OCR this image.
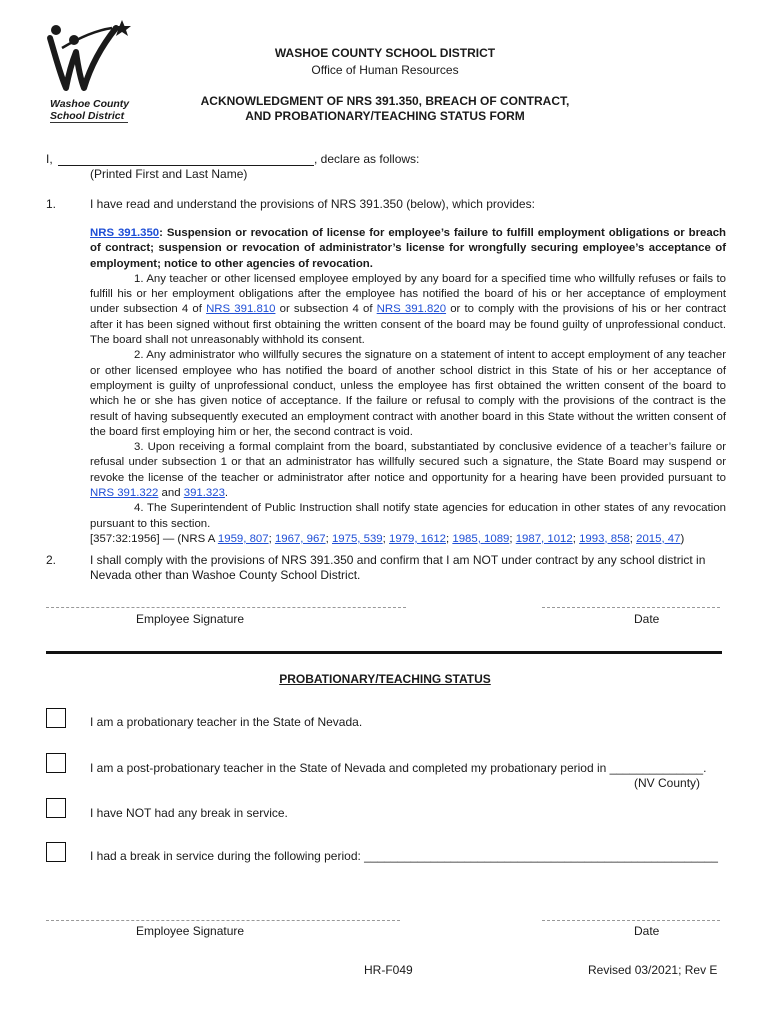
Washoe County
School District
WASHOE COUNTY SCHOOL DISTRICT
Office of Human Resources
ACKNOWLEDGMENT OF NRS 391.350, BREACH OF CONTRACT,
AND PROBATIONARY/TEACHING STATUS FORM
I,	, declare as follows:
(Printed First and Last Name)
1.	I have read and understand the provisions of NRS 391.350 (below), which provides:

NRS 391.350: Suspension or revocation of license for employee’s failure to fulfill employment obligations or breach of contract; suspension or revocation of administrator’s license for wrongfully securing employee’s acceptance of employment; notice to other agencies of revocation.

1. Any teacher or other licensed employee employed by any board for a specified time who willfully refuses or fails to fulfill his or her employment obligations after the employee has notified the board of his or her acceptance of employment under subsection 4 of NRS 391.810 or subsection 4 of NRS 391.820 or to comply with the provisions of his or her contract after it has been signed without first obtaining the written consent of the board may be found guilty of unprofessional conduct. The board shall not unreasonably withhold its consent.

2. Any administrator who willfully secures the signature on a statement of intent to accept employment of any teacher or other licensed employee who has notified the board of another school district in this State of his or her acceptance of employment is guilty of unprofessional conduct, unless the employee has first obtained the written consent of the board to which he or she has given notice of acceptance. If the failure or refusal to comply with the provisions of the contract is the result of having subsequently executed an employment contract with another board in this State without the written consent of the board first employing him or her, the second contract is void.

3. Upon receiving a formal complaint from the board, substantiated by conclusive evidence of a teacher’s failure or refusal under subsection 1 or that an administrator has willfully secured such a signature, the State Board may suspend or revoke the license of the teacher or administrator after notice and opportunity for a hearing have been provided pursuant to NRS 391.322 and 391.323.

4. The Superintendent of Public Instruction shall notify state agencies for education in other states of any revocation pursuant to this section.

[357:32:1956] — (NRS A 1959, 807; 1967, 967; 1975, 539; 1979, 1612; 1985, 1089; 1987, 1012; 1993, 858; 2015, 47)

2.	I shall comply with the provisions of NRS 391.350 and confirm that I am NOT under contract by any school district in Nevada other than Washoe County School District.
Employee Signature	Date
PROBATIONARY/TEACHING STATUS
I am a probationary teacher in the State of Nevada.
I am a post-probationary teacher in the State of Nevada and completed my probationary period in ______________.
(NV County)
I have NOT had any break in service.
I had a break in service during the following period: _____________________________________________________
Employee Signature	Date
HR-F049	Revised 03/2021; Rev E
